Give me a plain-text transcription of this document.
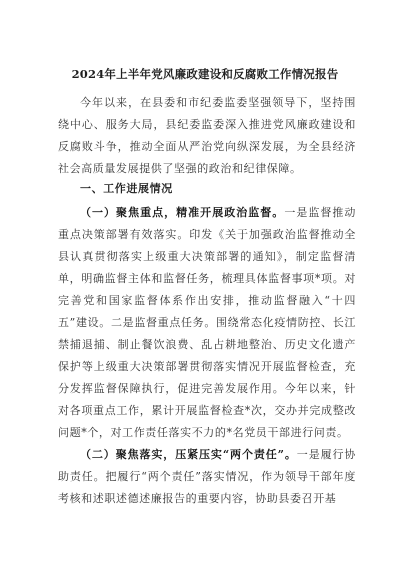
2024年上半年党风廉政建设和反腐败工作情况报告

今年以来，在县委和市纪委监委坚强领导下，坚持围绕中心、服务大局，县纪委监委深入推进党风廉政建设和反腐败斗争，推动全面从严治党向纵深发展，为全县经济社会高质量发展提供了坚强的政治和纪律保障。

一、工作进展情况

（一）聚焦重点，精准开展政治监督。一是监督推动重点决策部署有效落实。印发《关于加强政治监督推动全县认真贯彻落实上级重大决策部署的通知》，制定监督清单，明确监督主体和监督任务，梳理具体监督事项*项。对完善党和国家监督体系作出安排，推动监督融入“十四五”建设。二是监督重点任务。围绕常态化疫情防控、长江禁捕退捕、制止餐饮浪费、乱占耕地整治、历史文化遗产保护等上级重大决策部署贯彻落实情况开展监督检查，充分发挥监督保障执行，促进完善发展作用。今年以来，针对各项重点工作，累计开展监督检查*次，交办并完成整改问题*个，对工作责任落实不力的*名党员干部进行问责。

（二）聚焦落实，压紧压实“两个责任”。一是履行协助责任。把履行“两个责任”落实情况，作为领导干部年度考核和述职述德述廉报告的重要内容，协助县委召开基
